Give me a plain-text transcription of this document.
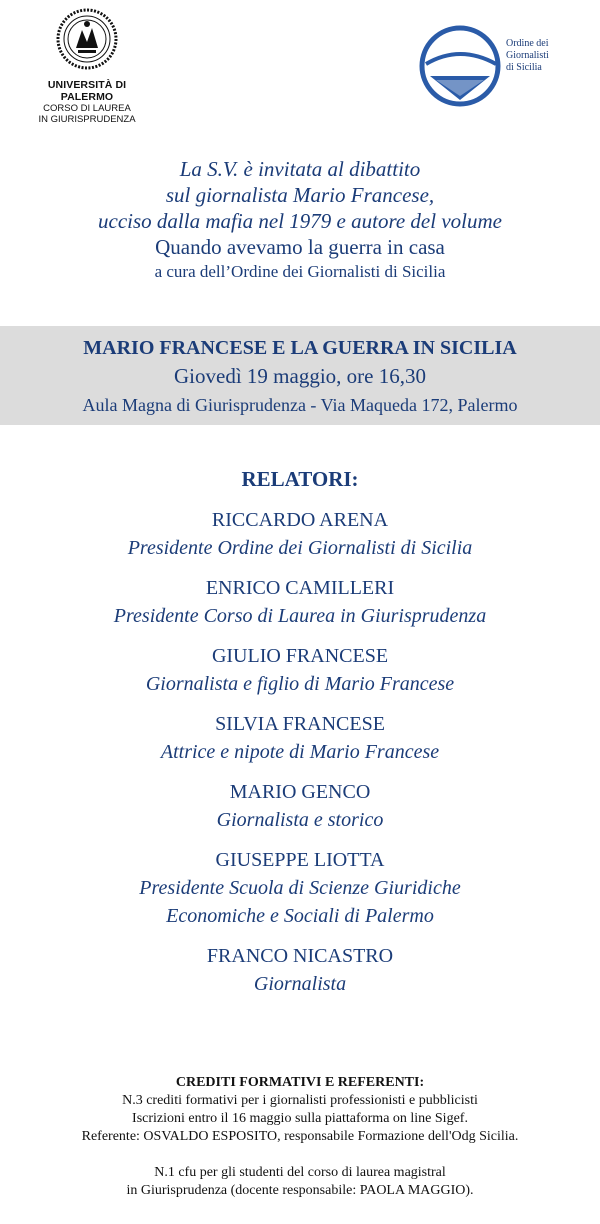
UNIVERSITÀ DI PALERMO
CORSO DI LAUREA
IN GIURISPRUDENZA
Ordine dei
Giornalisti
di Sicilia
La S.V. è invitata al dibattito
sul giornalista Mario Francese,
ucciso dalla mafia nel 1979 e autore del volume
Quando avevamo la guerra in casa
a cura dell’Ordine dei Giornalisti di Sicilia
MARIO FRANCESE E LA GUERRA IN SICILIA
Giovedì 19 maggio, ore 16,30
Aula Magna di Giurisprudenza - Via Maqueda 172, Palermo
RELATORI:
RICCARDO ARENA
Presidente Ordine dei Giornalisti di Sicilia
ENRICO CAMILLERI
Presidente Corso di Laurea in Giurisprudenza
GIULIO FRANCESE
Giornalista e figlio di Mario Francese
SILVIA FRANCESE
Attrice e nipote di Mario Francese
MARIO GENCO
Giornalista e storico
GIUSEPPE LIOTTA
Presidente Scuola di Scienze Giuridiche
Economiche e Sociali di Palermo
FRANCO NICASTRO
Giornalista
CREDITI FORMATIVI E REFERENTI:
N.3 crediti formativi per i giornalisti professionisti e pubblicisti
Iscrizioni entro il 16 maggio sulla piattaforma on line Sigef.
Referente: OSVALDO ESPOSITO, responsabile Formazione dell'Odg Sicilia.
N.1 cfu per gli studenti del corso di laurea magistral
in Giurisprudenza (docente responsabile: PAOLA MAGGIO).
